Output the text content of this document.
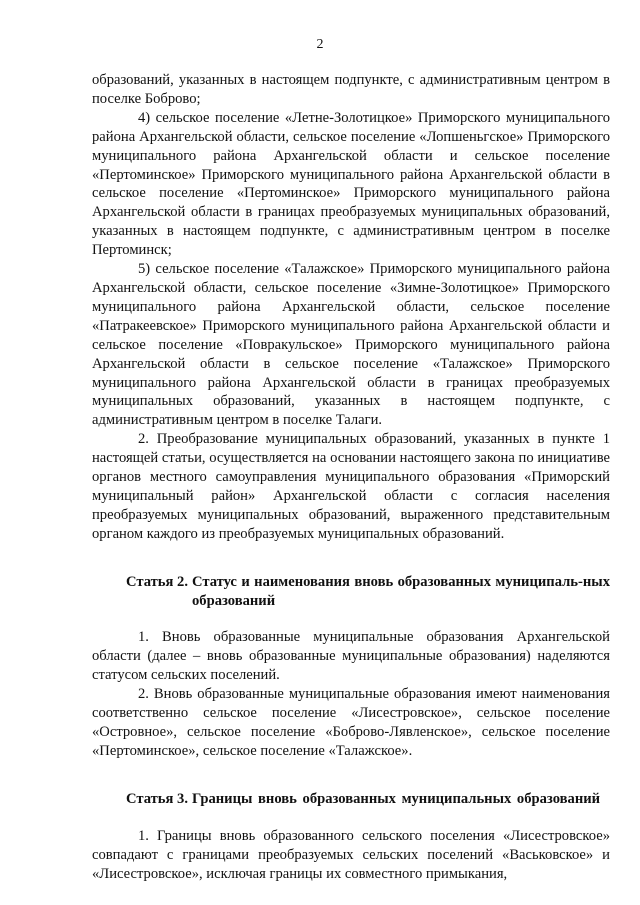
2

образований, указанных в настоящем подпункте, с административным центром в поселке Боброво;

4) сельское поселение «Летне-Золотицкое» Приморского муниципального района Архангельской области, сельское поселение «Лопшеньгское» Приморского муниципального района Архангельской области и сельское поселение «Пертоминское» Приморского муниципального района Архангельской области в сельское поселение «Пертоминское» Приморского муниципального района Архангельской области в границах преобразуемых муниципальных образований, указанных в настоящем подпункте, с административным центром в поселке Пертоминск;

5) сельское поселение «Талажское» Приморского муниципального района Архангельской области, сельское поселение «Зимне-Золотицкое» Приморского муниципального района Архангельской области, сельское поселение «Патракеевское» Приморского муниципального района Архангельской области и сельское поселение «Повракульское» Приморского муниципального района Архангельской области в сельское поселение «Талажское» Приморского муниципального района Архангельской области в границах преобразуемых муниципальных образований, указанных в настоящем подпункте, с административным центром в поселке Талаги.

2. Преобразование муниципальных образований, указанных в пункте 1 настоящей статьи, осуществляется на основании настоящего закона по инициативе органов местного самоуправления муниципального образования «Приморский муниципальный район» Архангельской области с согласия населения преобразуемых муниципальных образований, выраженного представительным органом каждого из преобразуемых муниципальных образований.

Статья 2. Статус и наименования вновь образованных муниципаль-ных образований

1. Вновь образованные муниципальные образования Архангельской области (далее – вновь образованные муниципальные образования) наделяются статусом сельских поселений.

2. Вновь образованные муниципальные образования имеют наименования соответственно сельское поселение «Лисестровское», сельское поселение «Островное», сельское поселение «Боброво-Лявленское», сельское поселение «Пертоминское», сельское поселение «Талажское».

Статья 3. Границы вновь образованных муниципальных образований

1. Границы вновь образованного сельского поселения «Лисестровское» совпадают с границами преобразуемых сельских поселений «Васьковское» и «Лисестровское», исключая границы их совместного примыкания,
